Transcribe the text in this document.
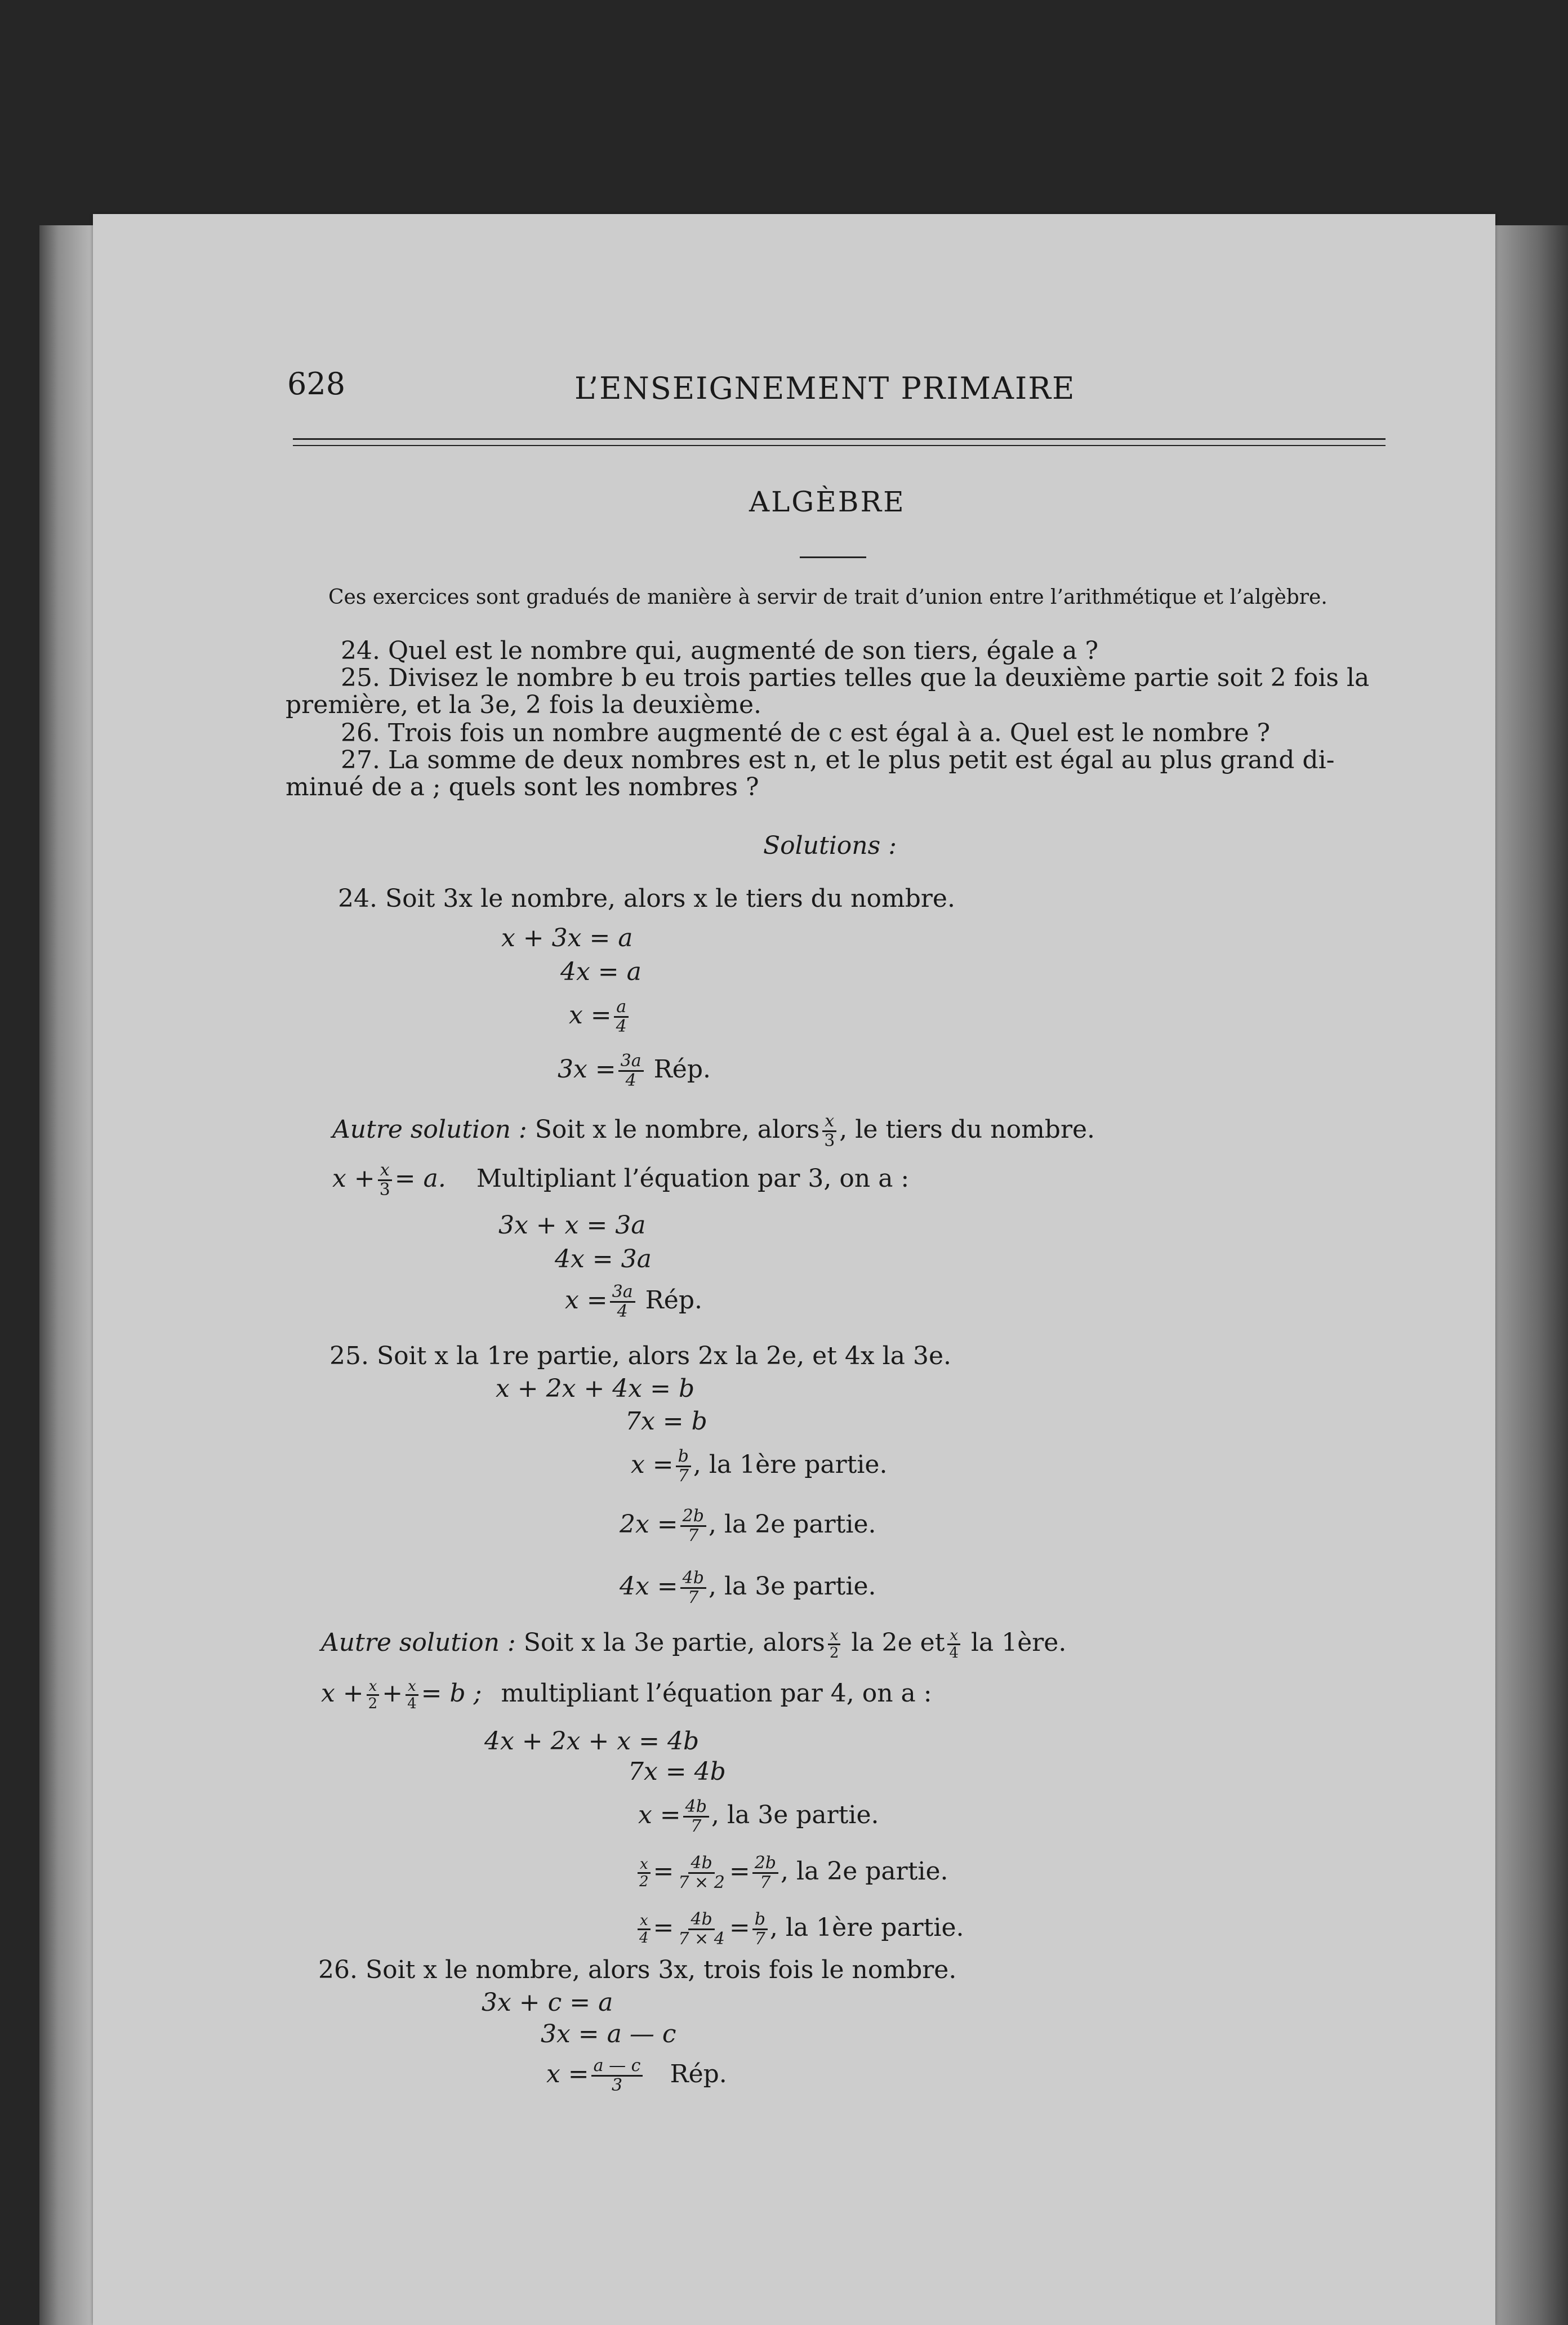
628	L’ENSEIGNEMENT PRIMAIRE
ALGÈBRE
Ces exercices sont gradués de manière à servir de trait d’union entre l’arithmétique et l’algèbre.
24. Quel est le nombre qui, augmenté de son tiers, égale a ?
25. Divisez le nombre b eu trois parties telles que la deuxième partie soit 2 fois la
première, et la 3e, 2 fois la deuxième.
26. Trois fois un nombre augmenté de c est égal à a. Quel est le nombre ?
27. La somme de deux nombres est n, et le plus petit est égal au plus grand di-
minué de a ; quels sont les nombres ?
Solutions :
24. Soit 3x le nombre, alors x le tiers du nombre.
x + 3x = a
4x = a
$x = \frac{a}{4}$
$3x = \frac{3a}{4}$ Rép.
Autre solution : Soit x le nombre, alors $\frac{x}{3}$ , le tiers du nombre.
$x + \frac{x}{3} = a$. Multipliant l’équation par 3, on a :
3x + x = 3a
4x = 3a
$x = \frac{3a}{4}$ Rép.
25. Soit x la 1re partie, alors 2x la 2e, et 4x la 3e.
x + 2x + 4x = b
7x = b
$x = \frac{b}{7}$ , la 1ère partie.
$2x = \frac{2b}{7}$ , la 2e partie.
$4x = \frac{4b}{7}$ , la 3e partie.
Autre solution : Soit x la 3e partie, alors $\frac{x}{2}$ la 2e et $\frac{x}{4}$ la 1ère.
$x + \frac{x}{2} + \frac{x}{4} = b$ ; multipliant l’équation par 4, on a :
4x + 2x + x = 4b
7x = 4b
$x = \frac{4b}{7}$ , la 3e partie.
$\frac{x}{2} = \frac{4b}{7 \times 2} = \frac{2b}{7}$ , la 2e partie.
$\frac{x}{4} = \frac{4b}{7 \times 4} = \frac{b}{7}$ , la 1ère partie.
26. Soit x le nombre, alors 3x, trois fois le nombre.
3x + c = a
3x = a — c
$x = \frac{a — c}{3}$ Rép.
